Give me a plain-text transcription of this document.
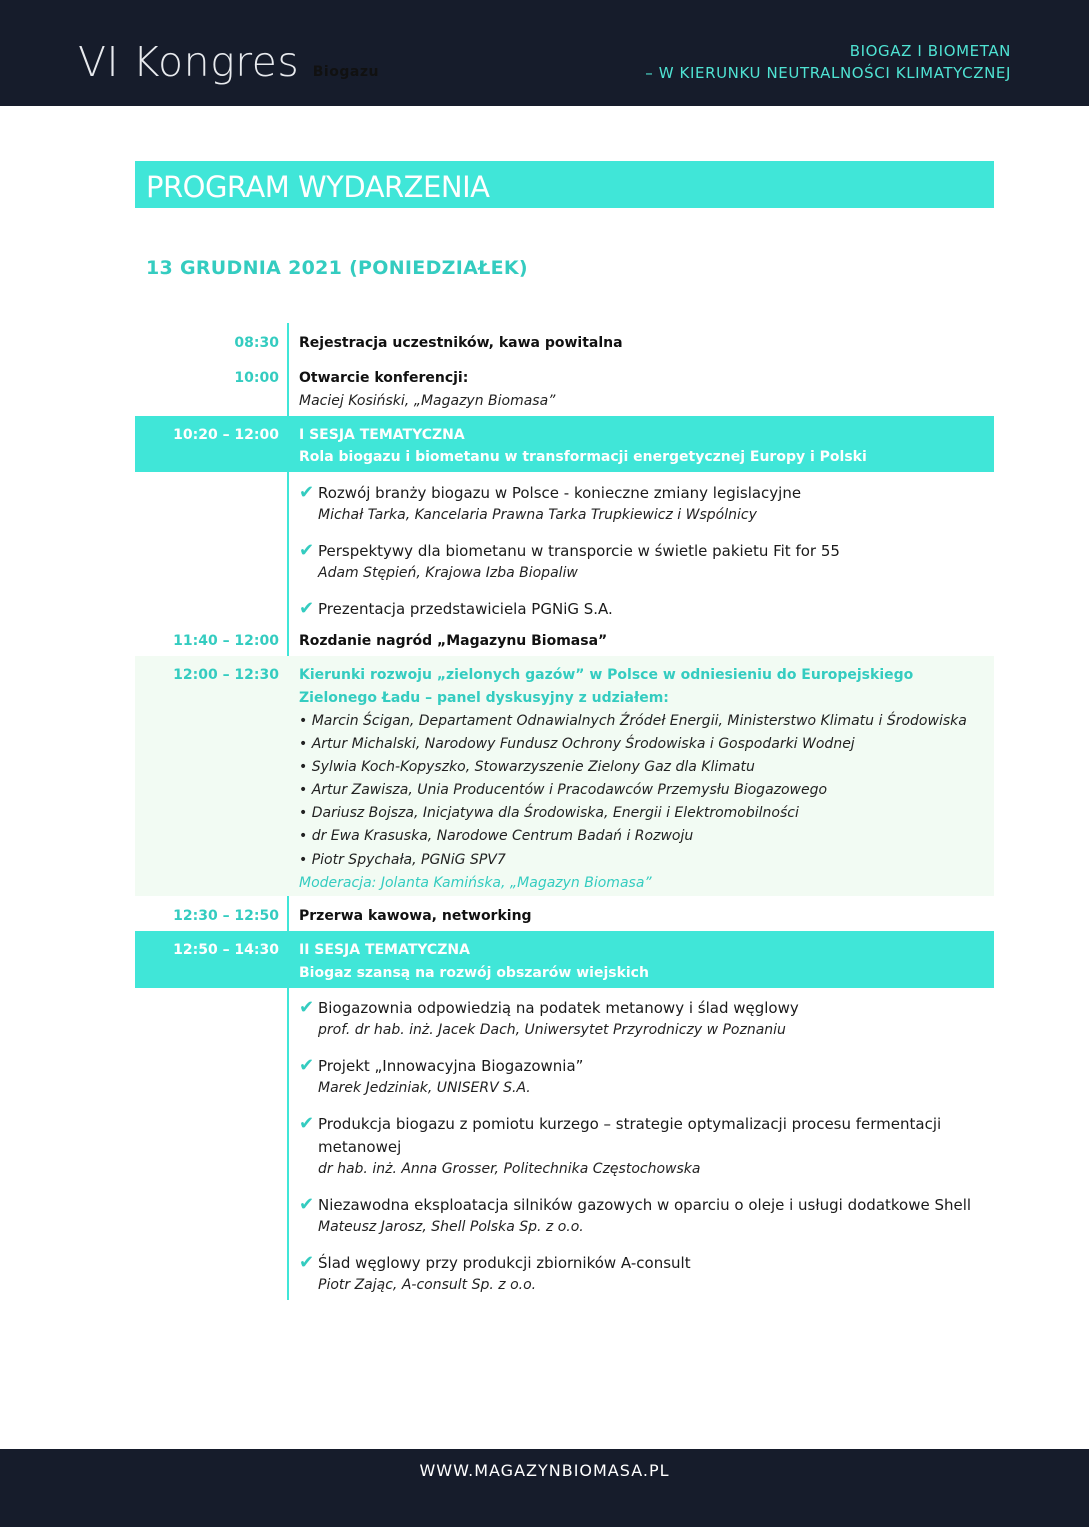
VI Kongres Biogazu
BIOGAZ I BIOMETAN
– W KIERUNKU NEUTRALNOŚCI KLIMATYCZNEJ
PROGRAM WYDARZENIA
13 GRUDNIA 2021 (PONIEDZIAŁEK)
08:30 Rejestracja uczestników, kawa powitalna
10:00 Otwarcie konferencji:
Maciej Kosiński, „Magazyn Biomasa”
10:20 – 12:00 I SESJA TEMATYCZNA
Rola biogazu i biometanu w transformacji energetycznej Europy i Polski
✔ Rozwój branży biogazu w Polsce - konieczne zmiany legislacyjne
Michał Tarka, Kancelaria Prawna Tarka Trupkiewicz i Wspólnicy
✔ Perspektywy dla biometanu w transporcie w świetle pakietu Fit for 55
Adam Stępień, Krajowa Izba Biopaliw
✔ Prezentacja przedstawiciela PGNiG S.A.
11:40 – 12:00 Rozdanie nagród „Magazynu Biomasa”
12:00 – 12:30 Kierunki rozwoju „zielonych gazów” w Polsce w odniesieniu do Europejskiego
Zielonego Ładu – panel dyskusyjny z udziałem:
• Marcin Ścigan, Departament Odnawialnych Źródeł Energii, Ministerstwo Klimatu i Środowiska
• Artur Michalski, Narodowy Fundusz Ochrony Środowiska i Gospodarki Wodnej
• Sylwia Koch-Kopyszko, Stowarzyszenie Zielony Gaz dla Klimatu
• Artur Zawisza, Unia Producentów i Pracodawców Przemysłu Biogazowego
• Dariusz Bojsza, Inicjatywa dla Środowiska, Energii i Elektromobilności
• dr Ewa Krasuska, Narodowe Centrum Badań i Rozwoju
• Piotr Spychała, PGNiG SPV7
Moderacja: Jolanta Kamińska, „Magazyn Biomasa”
12:30 – 12:50 Przerwa kawowa, networking
12:50 – 14:30 II SESJA TEMATYCZNA
Biogaz szansą na rozwój obszarów wiejskich
✔ Biogazownia odpowiedzią na podatek metanowy i ślad węglowy
prof. dr hab. inż. Jacek Dach, Uniwersytet Przyrodniczy w Poznaniu
✔ Projekt „Innowacyjna Biogazownia”
Marek Jedziniak, UNISERV S.A.
✔ Produkcja biogazu z pomiotu kurzego – strategie optymalizacji procesu fermentacji
metanowej
dr hab. inż. Anna Grosser, Politechnika Częstochowska
✔ Niezawodna eksploatacja silników gazowych w oparciu o oleje i usługi dodatkowe Shell
Mateusz Jarosz, Shell Polska Sp. z o.o.
✔ Ślad węglowy przy produkcji zbiorników A-consult
Piotr Zając, A-consult Sp. z o.o.
WWW.MAGAZYNBIOMASA.PL
